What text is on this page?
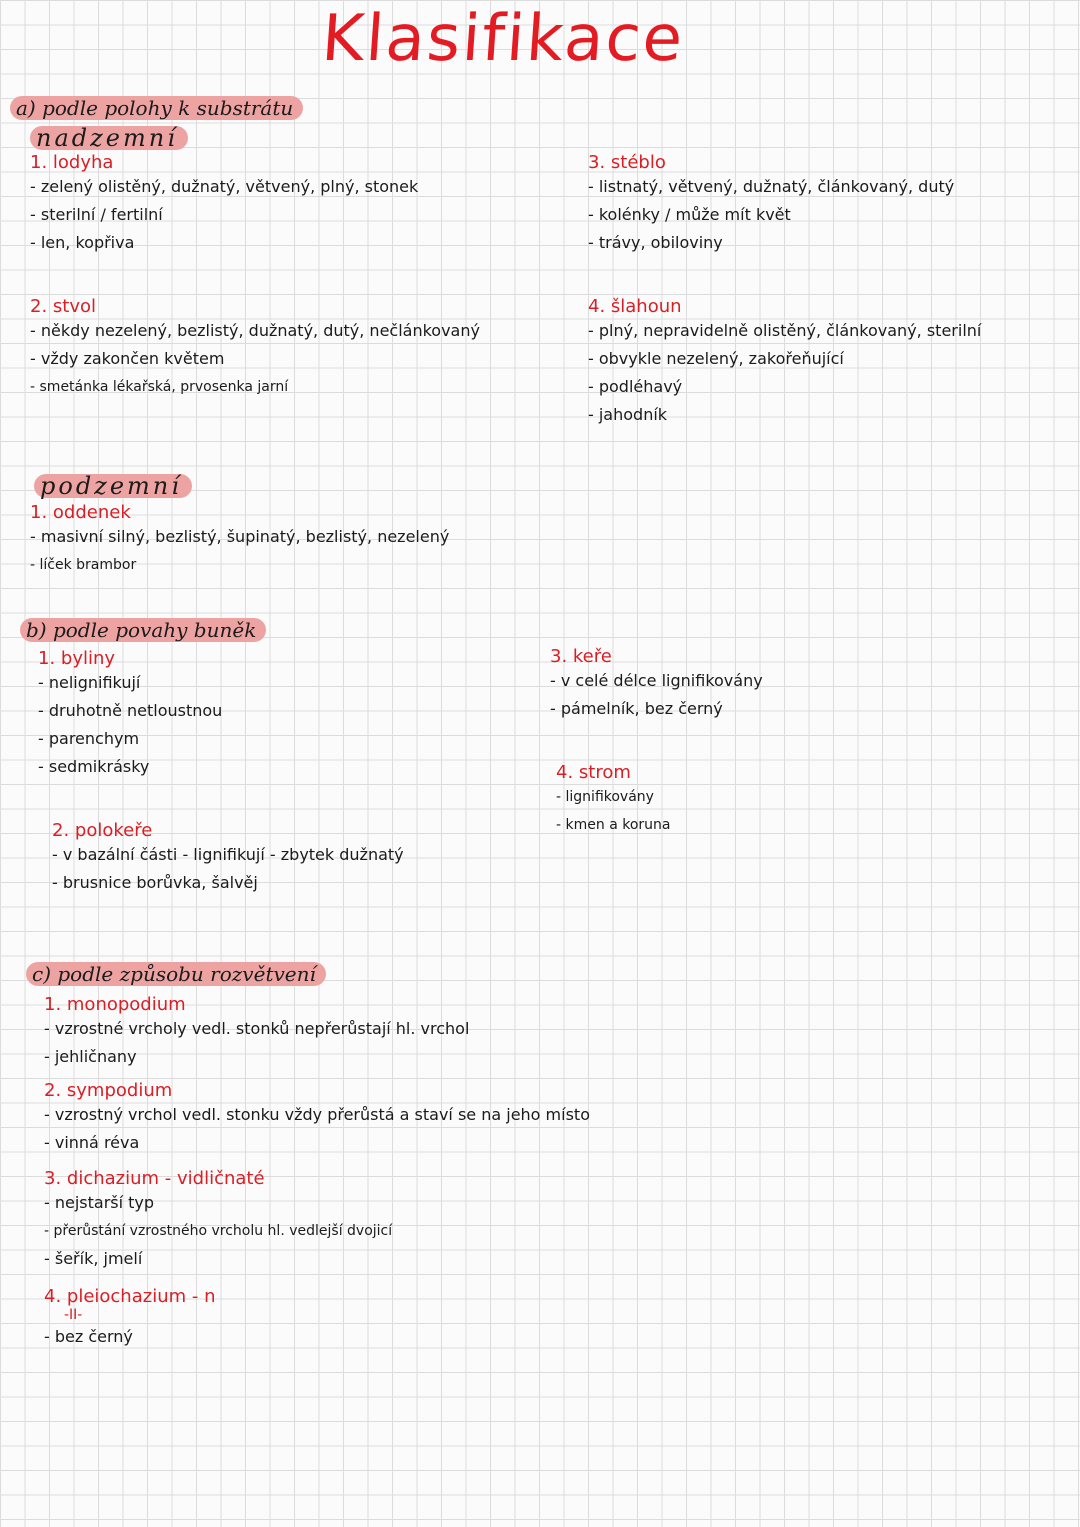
Klasifikace
a) podle polohy k substrátu
nadzemní
1. lodyha
- zelený olistěný, dužnatý, větvený, plný, stonek
- sterilní / fertilní
- len, kopřiva
2. stvol
- někdy nezelený, bezlistý, dužnatý, dutý, nečlánkovaný
- vždy zakončen květem
- smetánka lékařská, prvosenka jarní
3. stéblo
- listnatý, větvený, dužnatý, článkovaný, dutý
- kolénky / může mít květ
- trávy, obiloviny
4. šlahoun
- plný, nepravidelně olistěný, článkovaný, sterilní
- obvykle nezelený, zakořeňující
- podléhavý
- jahodník
podzemní
1. oddenek
- masivní silný, bezlistý, šupinatý, bezlistý, nezelený
- líček brambor
b) podle povahy buněk
1. byliny
- nelignifikují
- druhotně netloustnou
- parenchym
- sedmikrásky
2. polokeře
- v bazální části - lignifikují - zbytek dužnatý
- brusnice borůvka, šalvěj
3. keře
- v celé délce lignifikovány
- pámelník, bez černý
4. strom
- lignifikovány
- kmen a koruna
c) podle způsobu rozvětvení
1. monopodium
- vzrostné vrcholy vedl. stonků nepřerůstají hl. vrchol
- jehličnany
2. sympodium
- vzrostný vrchol vedl. stonku vždy přerůstá a staví se na jeho místo
- vinná réva
3. dichazium - vidličnaté
- nejstarší typ
- přerůstání vzrostného vrcholu hl. vedlejší dvojicí
- šeřík, jmelí
4. pleiochazium - n
-II-
- bez černý
